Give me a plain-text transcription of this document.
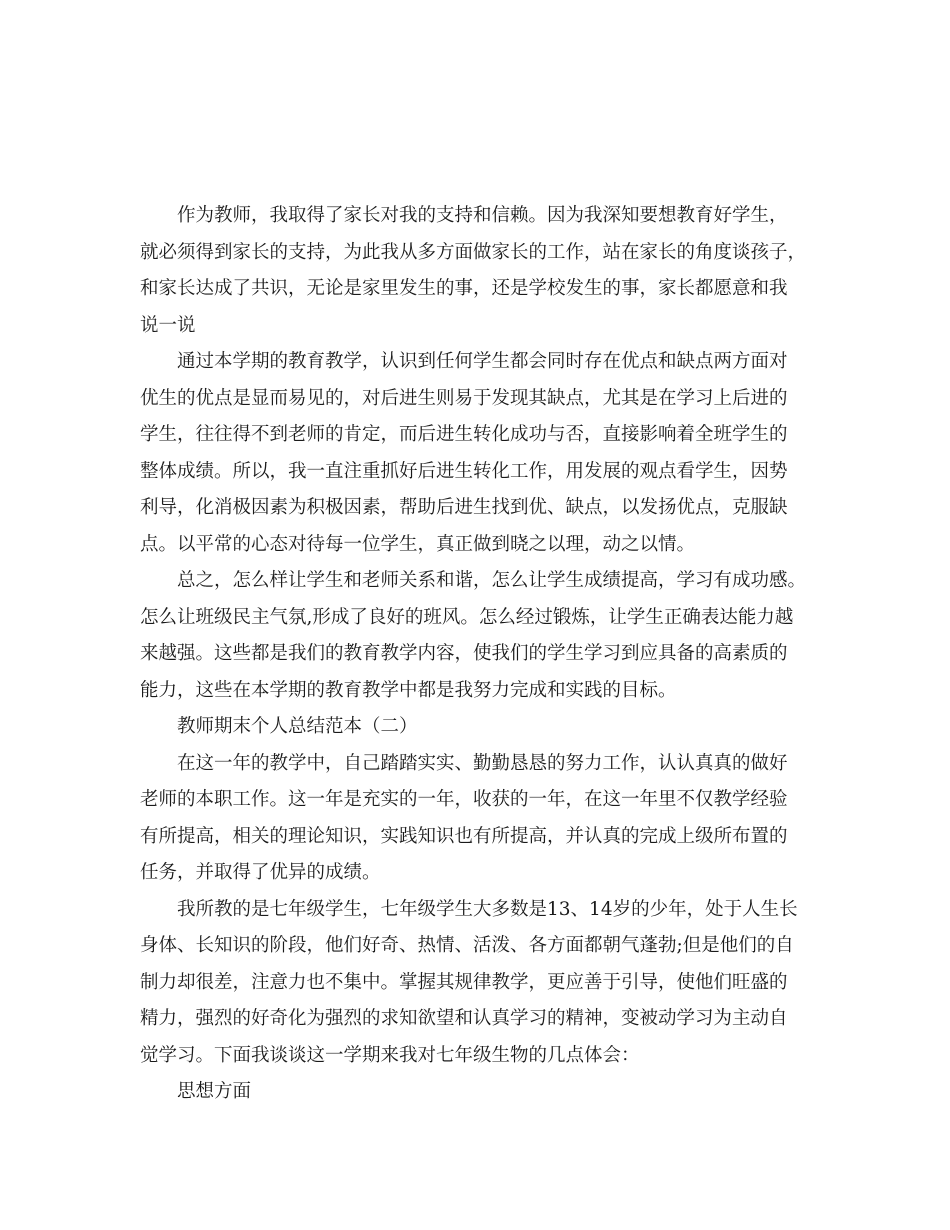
作为教师，我取得了家长对我的支持和信赖。因为我深知要想教育好学生，
就必须得到家长的支持，为此我从多方面做家长的工作，站在家长的角度谈孩子，
和家长达成了共识，无论是家里发生的事，还是学校发生的事，家长都愿意和我
说一说
通过本学期的教育教学，认识到任何学生都会同时存在优点和缺点两方面对
优生的优点是显而易见的，对后进生则易于发现其缺点，尤其是在学习上后进的
学生，往往得不到老师的肯定，而后进生转化成功与否，直接影响着全班学生的
整体成绩。所以，我一直注重抓好后进生转化工作，用发展的观点看学生，因势
利导，化消极因素为积极因素，帮助后进生找到优、缺点，以发扬优点，克服缺
点。以平常的心态对待每一位学生，真正做到晓之以理，动之以情。
总之，怎么样让学生和老师关系和谐，怎么让学生成绩提高，学习有成功感。
怎么让班级民主气氛,形成了良好的班风。怎么经过锻炼，让学生正确表达能力越
来越强。这些都是我们的教育教学内容，使我们的学生学习到应具备的高素质的
能力，这些在本学期的教育教学中都是我努力完成和实践的目标。
教师期末个人总结范本（二）
在这一年的教学中，自己踏踏实实、勤勤恳恳的努力工作，认认真真的做好
老师的本职工作。这一年是充实的一年，收获的一年，在这一年里不仅教学经验
有所提高，相关的理论知识，实践知识也有所提高，并认真的完成上级所布置的
任务，并取得了优异的成绩。
我所教的是七年级学生，七年级学生大多数是13、14岁的少年，处于人生长
身体、长知识的阶段，他们好奇、热情、活泼、各方面都朝气蓬勃;但是他们的自
制力却很差，注意力也不集中。掌握其规律教学，更应善于引导，使他们旺盛的
精力，强烈的好奇化为强烈的求知欲望和认真学习的精神，变被动学习为主动自
觉学习。下面我谈谈这一学期来我对七年级生物的几点体会：
思想方面
